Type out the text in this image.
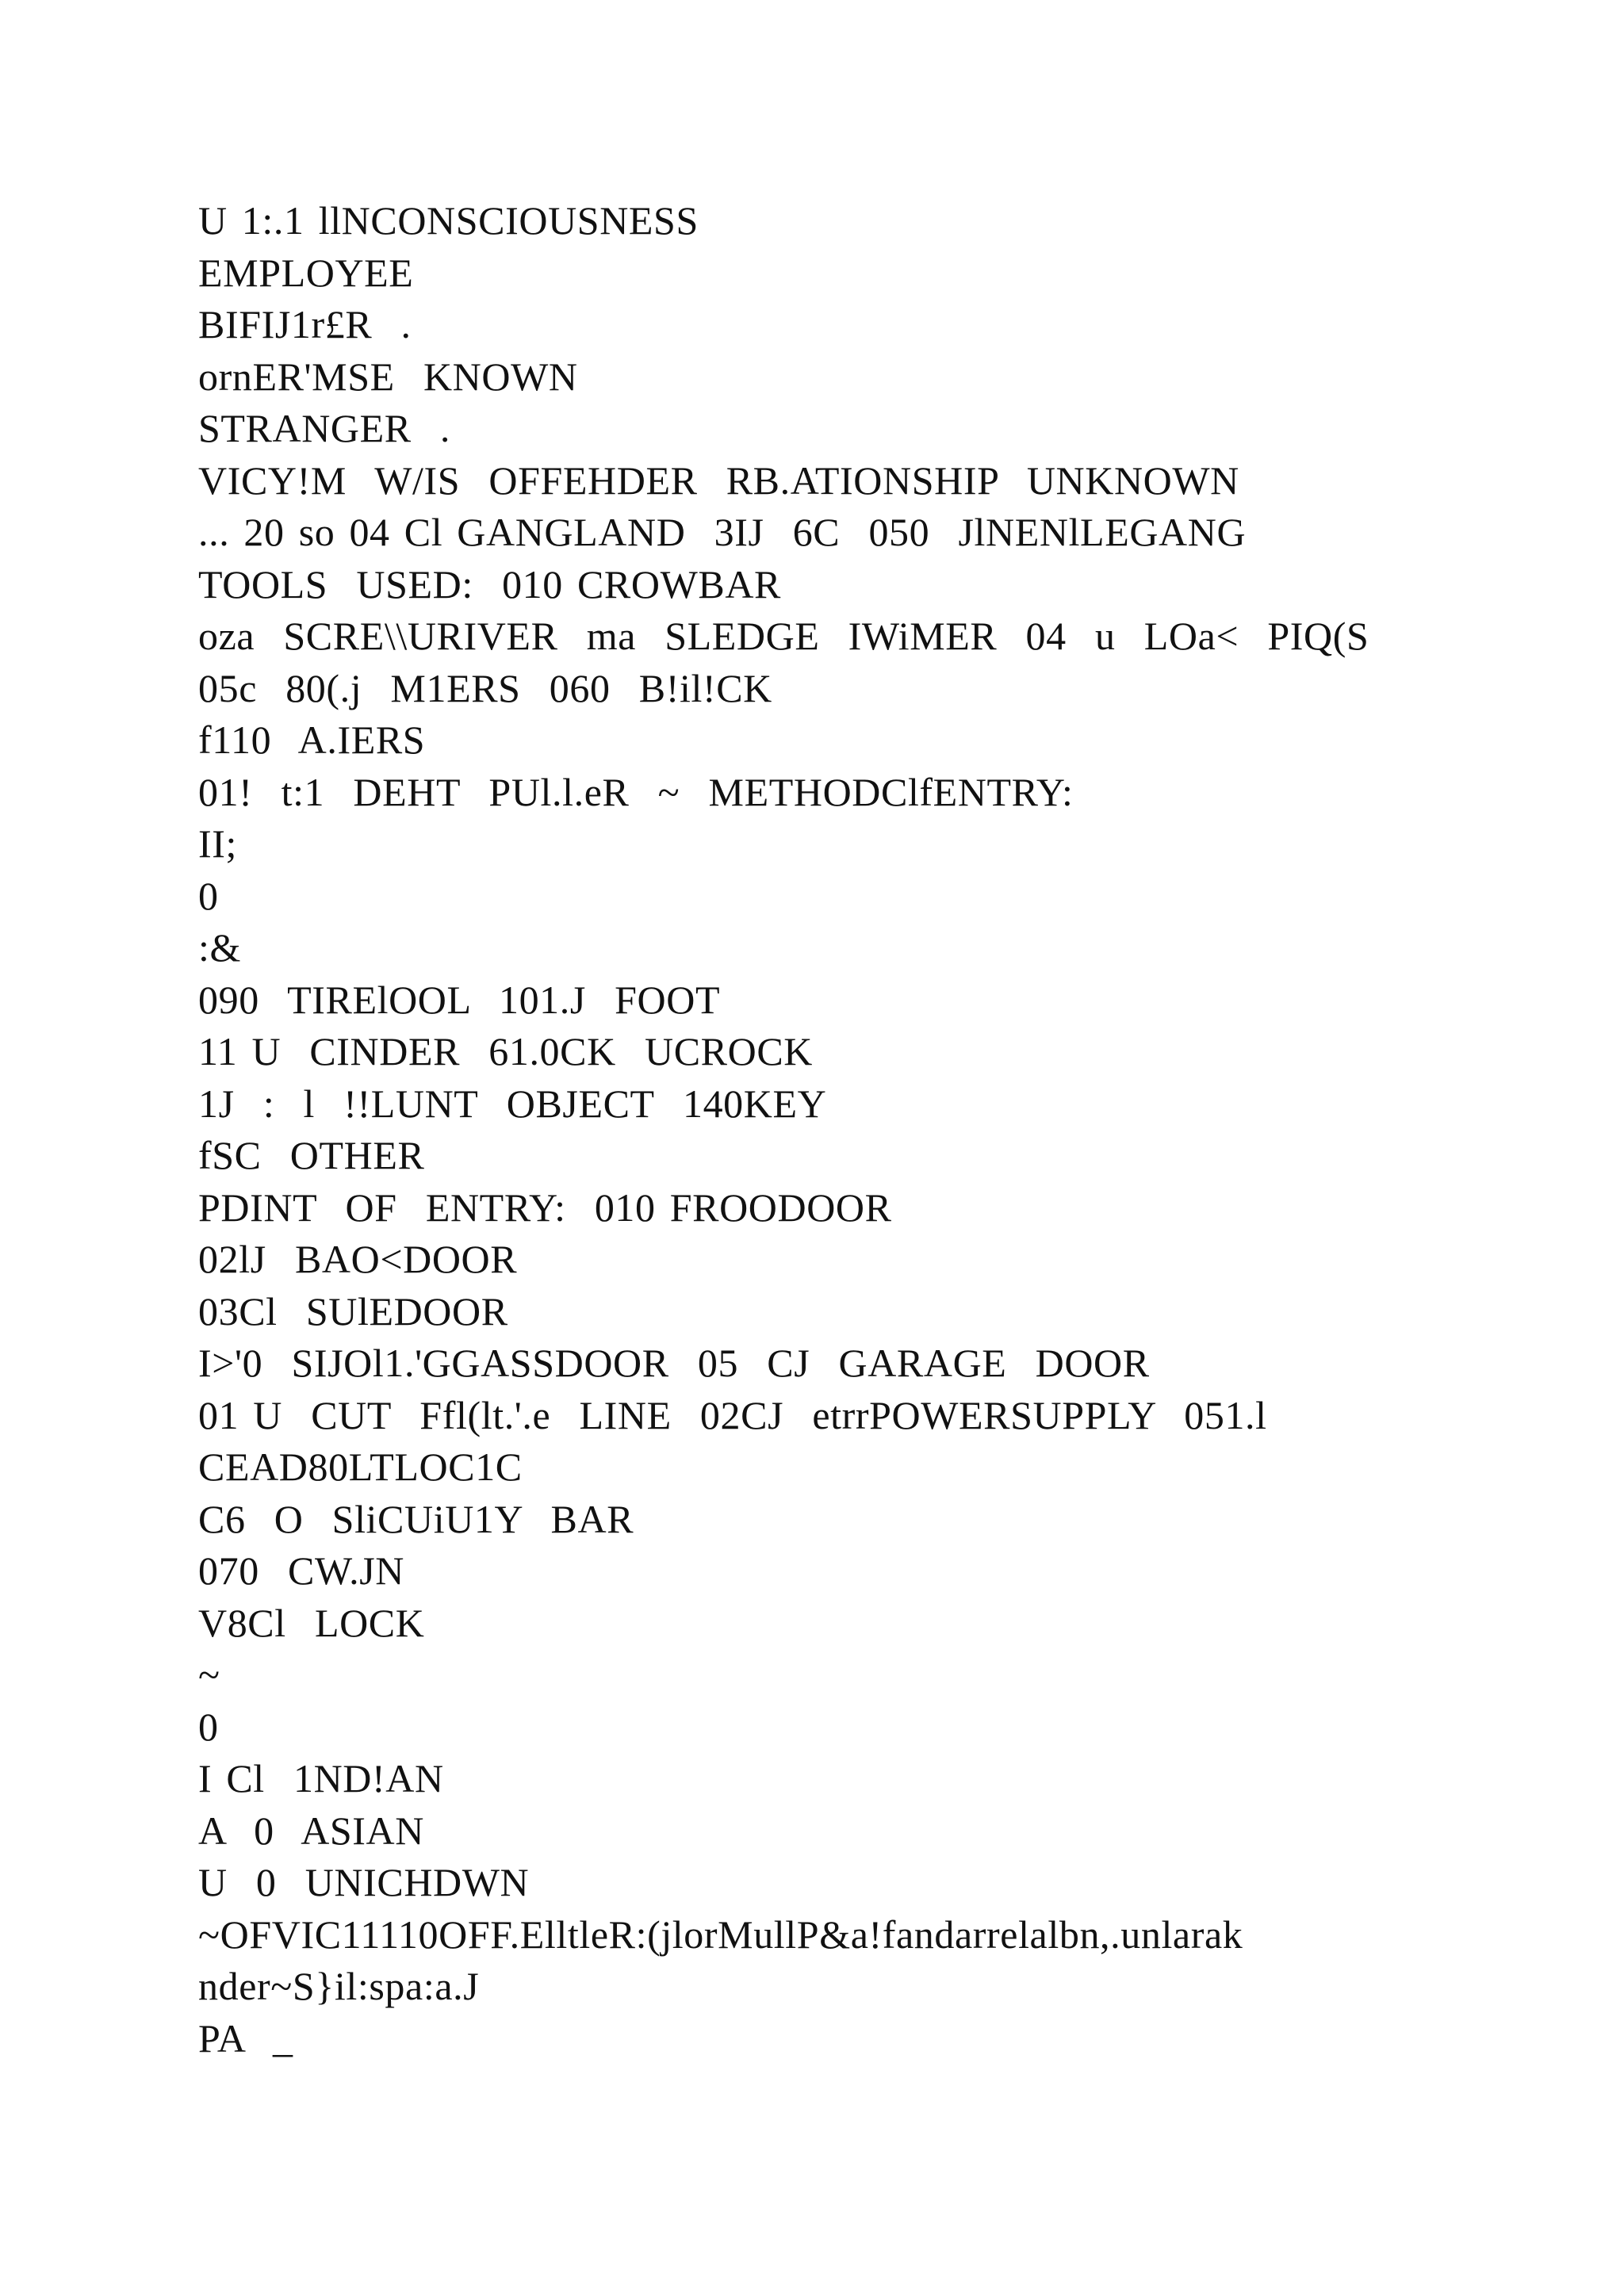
U 1:.1 llNCONSCIOUSNESS
EMPLOYEE
BIFIJ1r£R  .
ornER'MSE  KNOWN
STRANGER  .
VICY!M  W/IS  OFFEHDER  RB.ATIONSHIP  UNKNOWN
... 20 so 04 Cl GANGLAND  3IJ  6C  050  JlNENlLEGANG
TOOLS  USED:  010 CROWBAR
oza  SCRE\\URIVER  ma  SLEDGE  IWiMER  04  u  LOa<  PIQ(S
05c  80(.j  M1ERS  060  B!il!CK
f110  A.IERS
01!  t:1  DEHT  PUl.l.eR  ~  METHODClfENTRY:
II;
0
:&
090  TIRElOOL  101.J  FOOT
11 U  CINDER  61.0CK  UCROCK
1J  :  l  !!LUNT  OBJECT  140KEY
fSC  OTHER
PDINT  OF  ENTRY:  010 FROODOOR
02lJ  BAO<DOOR
03Cl  SUlEDOOR
I>'0  SIJOl1.'GGASSDOOR  05  CJ  GARAGE  DOOR
01 U  CUT  Ffl(lt.'.e  LINE  02CJ  etrrPOWERSUPPLY  051.l
CEAD80LTLOC1C
C6  O  SliCUiU1Y  BAR
070  CW.JN
V8Cl  LOCK
~
0
I Cl  1ND!AN
A  0  ASIAN
U  0  UNICHDWN
~OFVIC11110OFF.ElltleR:(jlorMullP&a!fandarrelalbn,.unlarak
nder~S}il:spa:a.J
PA  _
